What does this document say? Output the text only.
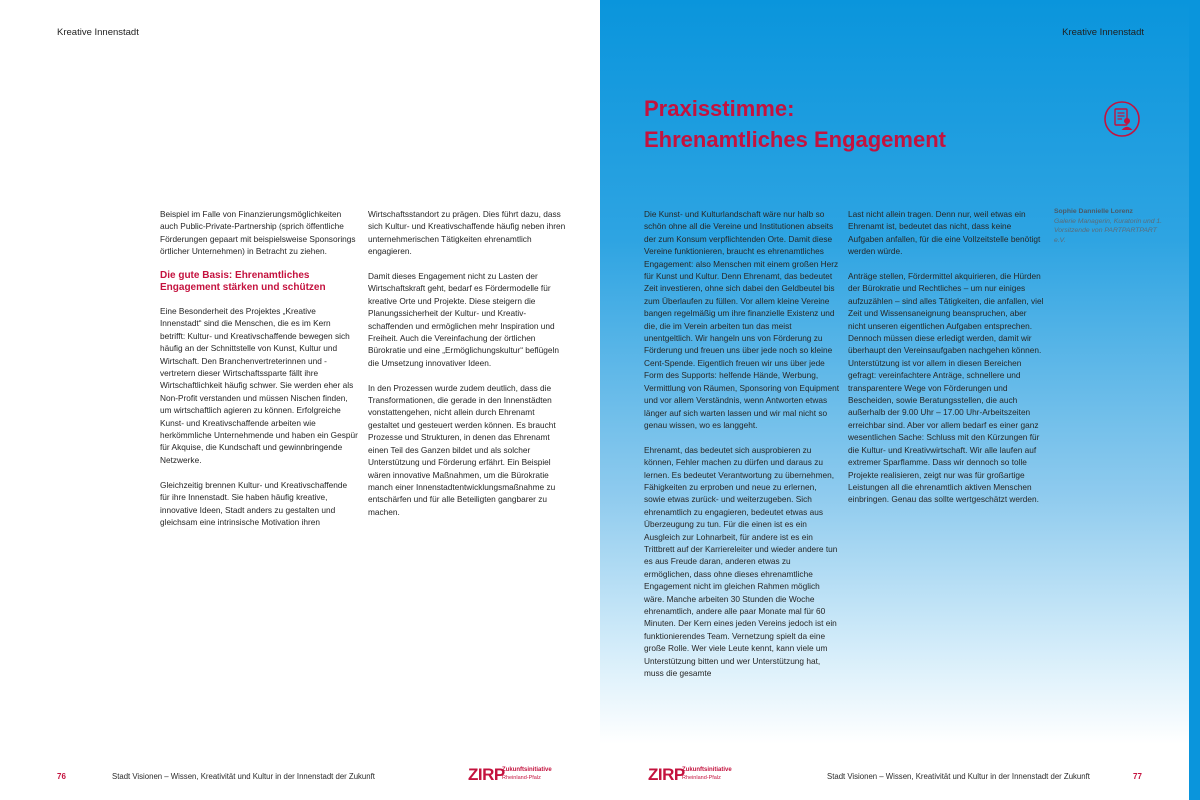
Kreative Innenstadt

Beispiel im Falle von Finanzierungsmöglichkeiten auch Public-Private-Partnership (sprich öffentliche Förderungen gepaart mit beispielsweise Sponsorings örtlicher Unternehmen) in Betracht zu ziehen.

Die gute Basis: Ehrenamtliches Engagement stärken und schützen

Eine Besonderheit des Projektes „Kreative Innenstadt“ sind die Menschen, die es im Kern betrifft: Kultur- und Kreativschaffende bewegen sich häufig an der Schnittstelle von Kunst, Kultur und Wirtschaft. Den Branchenvertreterinnen und -vertretern dieser Wirtschaftssparte fällt ihre Wirtschaftlichkeit häufig schwer. Sie werden eher als Non-Profit verstanden und müssen Nischen finden, um wirtschaftlich agieren zu können. Erfolgreiche Kunst- und Kreativschaffende arbeiten wie herkömmliche Unternehmende und haben ein Gespür für Akquise, die Kundschaft und gewinnbringende Netzwerke.

Gleichzeitig brennen Kultur- und Kreativschaffende für ihre Innenstadt. Sie haben häufig kreative, innovative Ideen, Stadt anders zu gestalten und gleichsam eine intrinsische Motivation ihren

Wirtschaftsstandort zu prägen. Dies führt dazu, dass sich Kultur- und Kreativschaffende häufig neben ihren unternehmerischen Tätigkeiten ehrenamtlich engagieren.

Damit dieses Engagement nicht zu Lasten der Wirtschaftskraft geht, bedarf es Fördermodelle für kreative Orte und Projekte. Diese steigern die Planungssicherheit der Kultur- und Kreativschaffenden und ermöglichen mehr Inspiration und Freiheit. Auch die Vereinfachung der örtlichen Bürokratie und eine „Ermöglichungskultur“ beflügeln die Umsetzung innovativer Ideen.

In den Prozessen wurde zudem deutlich, dass die Transformationen, die gerade in den Innenstädten vonstattengehen, nicht allein durch Ehrenamt gestaltet und gesteuert werden können. Es braucht Prozesse und Strukturen, in denen das Ehrenamt einen Teil des Ganzen bildet und als solcher Unterstützung und Förderung erfährt. Ein Beispiel wären innovative Maßnahmen, um die Bürokratie manch einer Innenstadtentwicklungsmaßnahme zu entschärfen und für alle Beteiligten gangbarer zu machen.

76	Stadt Visionen – Wissen, Kreativität und Kultur in der Innenstadt der Zukunft	ZIRP
Zukunftsinitiative
Rheinland-Pfalz
Kreative Innenstadt
Praxisstimme:
Ehrenamtliches Engagement

Die Kunst- und Kulturlandschaft wäre nur halb so schön ohne all die Vereine und Institutionen abseits der zum Konsum verpflichtenden Orte. Damit diese Vereine funktionieren, braucht es ehrenamtliches Engagement: also Menschen mit einem großen Herz für Kunst und Kultur. Denn Ehrenamt, das bedeutet Zeit investieren, ohne sich dabei den Geldbeutel bis zum Überlaufen zu füllen. Vor allem kleine Vereine bangen regelmäßig um ihre finanzielle Existenz und die, die im Verein arbeiten tun das meist unentgeltlich. Wir hangeln uns von Förderung zu Förderung und freuen uns über jede noch so kleine Cent-Spende. Eigentlich freuen wir uns über jede Form des Supports: helfende Hände, Werbung, Vermittlung von Räumen, Sponsoring von Equipment und vor allem Verständnis, wenn Antworten etwas länger auf sich warten lassen und wir mal nicht so genau wissen, wo es langgeht.

Ehrenamt, das bedeutet sich ausprobieren zu können, Fehler machen zu dürfen und daraus zu lernen. Es bedeutet Verantwortung zu übernehmen, Fähigkeiten zu erproben und neue zu erlernen, sowie etwas zurück- und weiterzugeben. Sich ehrenamtlich zu engagieren, bedeutet etwas aus Überzeugung zu tun. Für die einen ist es ein Ausgleich zur Lohnarbeit, für andere ist es ein Trittbrett auf der Karriereleiter und wieder andere tun es aus Freude daran, anderen etwas zu ermöglichen, dass ohne dieses ehrenamtliche Engagement nicht im gleichen Rahmen möglich wäre. Manche arbeiten 30 Stunden die Woche ehrenamtlich, andere alle paar Monate mal für 60 Minuten. Der Kern eines jeden Vereins jedoch ist ein funktionierendes Team. Vernetzung spielt da eine große Rolle. Wer viele Leute kennt, kann viele um Unterstützung bitten und wer Unterstützung hat, muss die gesamte

Last nicht allein tragen. Denn nur, weil etwas ein Ehrenamt ist, bedeutet das nicht, dass keine Aufgaben anfallen, für die eine Vollzeitstelle benötigt werden würde.

Anträge stellen, Fördermittel akquirieren, die Hürden der Bürokratie und Rechtliches – um nur einiges aufzuzählen – sind alles Tätigkeiten, die anfallen, viel Zeit und Wissensaneignung beanspruchen, aber nicht unseren eigentlichen Aufgaben entsprechen. Dennoch müssen diese erledigt werden, damit wir überhaupt den Vereinsaufgaben nachgehen können. Unterstützung ist vor allem in diesen Bereichen gefragt: vereinfachtere Anträge, schnellere und transparentere Wege von Förderungen und Bescheiden, sowie Beratungsstellen, die auch außerhalb der 9.00 Uhr – 17.00 Uhr-Arbeitszeiten erreichbar sind. Aber vor allem bedarf es einer ganz wesentlichen Sache: Schluss mit den Kürzungen für die Kultur- und Kreativwirtschaft. Wir alle laufen auf extremer Sparflamme. Dass wir dennoch so tolle Projekte realisieren, zeigt nur was für großartige Leistungen all die ehrenamtlich aktiven Menschen einbringen. Genau das sollte wertgeschätzt werden.

Sophie Dannielle Lorenz
Galerie Managerin, Kuratorin und 1. Vorsitzende von PARTPARTPART e.V.
ZIRP
Zukunftsinitiative
Rheinland-Pfalz	Stadt Visionen – Wissen, Kreativität und Kultur in der Innenstadt der Zukunft	77
